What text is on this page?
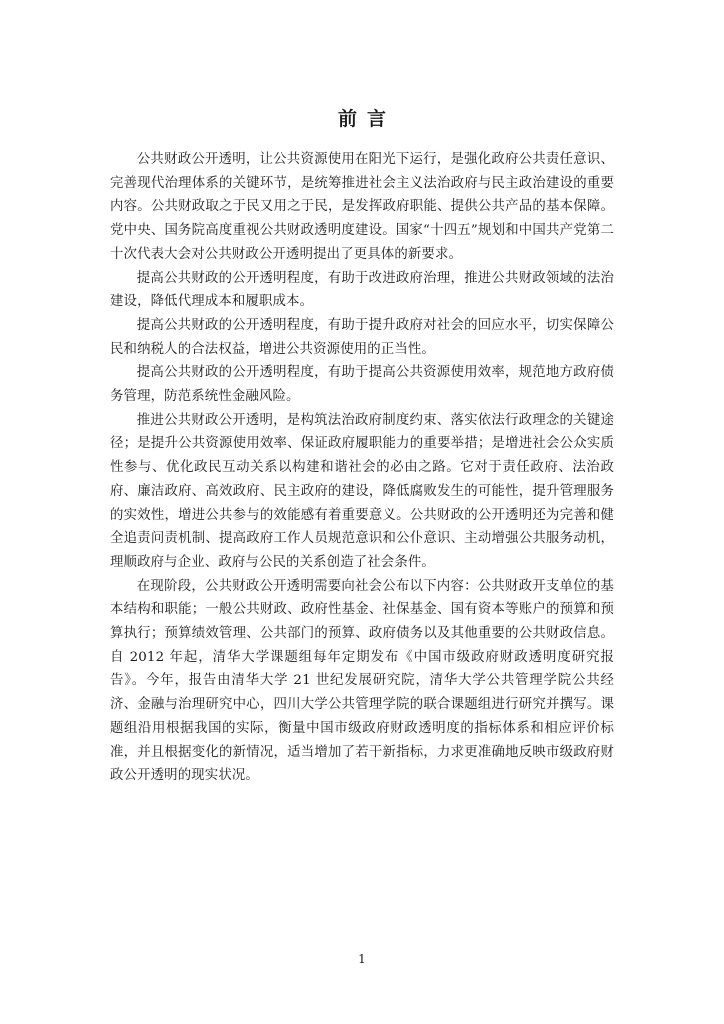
前言

公共财政公开透明，让公共资源使用在阳光下运行，是强化政府公共责任意识、完善现代治理体系的关键环节，是统筹推进社会主义法治政府与民主政治建设的重要内容。公共财政取之于民又用之于民，是发挥政府职能、提供公共产品的基本保障。党中央、国务院高度重视公共财政透明度建设。国家“十四五”规划和中国共产党第二十次代表大会对公共财政公开透明提出了更具体的新要求。

提高公共财政的公开透明程度，有助于改进政府治理，推进公共财政领域的法治建设，降低代理成本和履职成本。

提高公共财政的公开透明程度，有助于提升政府对社会的回应水平，切实保障公民和纳税人的合法权益，增进公共资源使用的正当性。

提高公共财政的公开透明程度，有助于提高公共资源使用效率，规范地方政府债务管理，防范系统性金融风险。

推进公共财政公开透明，是构筑法治政府制度约束、落实依法行政理念的关键途径；是提升公共资源使用效率、保证政府履职能力的重要举措；是增进社会公众实质性参与、优化政民互动关系以构建和谐社会的必由之路。它对于责任政府、法治政府、廉洁政府、高效政府、民主政府的建设，降低腐败发生的可能性，提升管理服务的实效性，增进公共参与的效能感有着重要意义。公共财政的公开透明还为完善和健全追责问责机制、提高政府工作人员规范意识和公仆意识、主动增强公共服务动机，理顺政府与企业、政府与公民的关系创造了社会条件。

在现阶段，公共财政公开透明需要向社会公布以下内容：公共财政开支单位的基本结构和职能；一般公共财政、政府性基金、社保基金、国有资本等账户的预算和预算执行；预算绩效管理、公共部门的预算、政府债务以及其他重要的公共财政信息。自 2012 年起，清华大学课题组每年定期发布《中国市级政府财政透明度研究报告》。今年，报告由清华大学 21 世纪发展研究院，清华大学公共管理学院公共经济、金融与治理研究中心，四川大学公共管理学院的联合课题组进行研究并撰写。课题组沿用根据我国的实际，衡量中国市级政府财政透明度的指标体系和相应评价标准，并且根据变化的新情况，适当增加了若干新指标，力求更准确地反映市级政府财政公开透明的现实状况。

1
